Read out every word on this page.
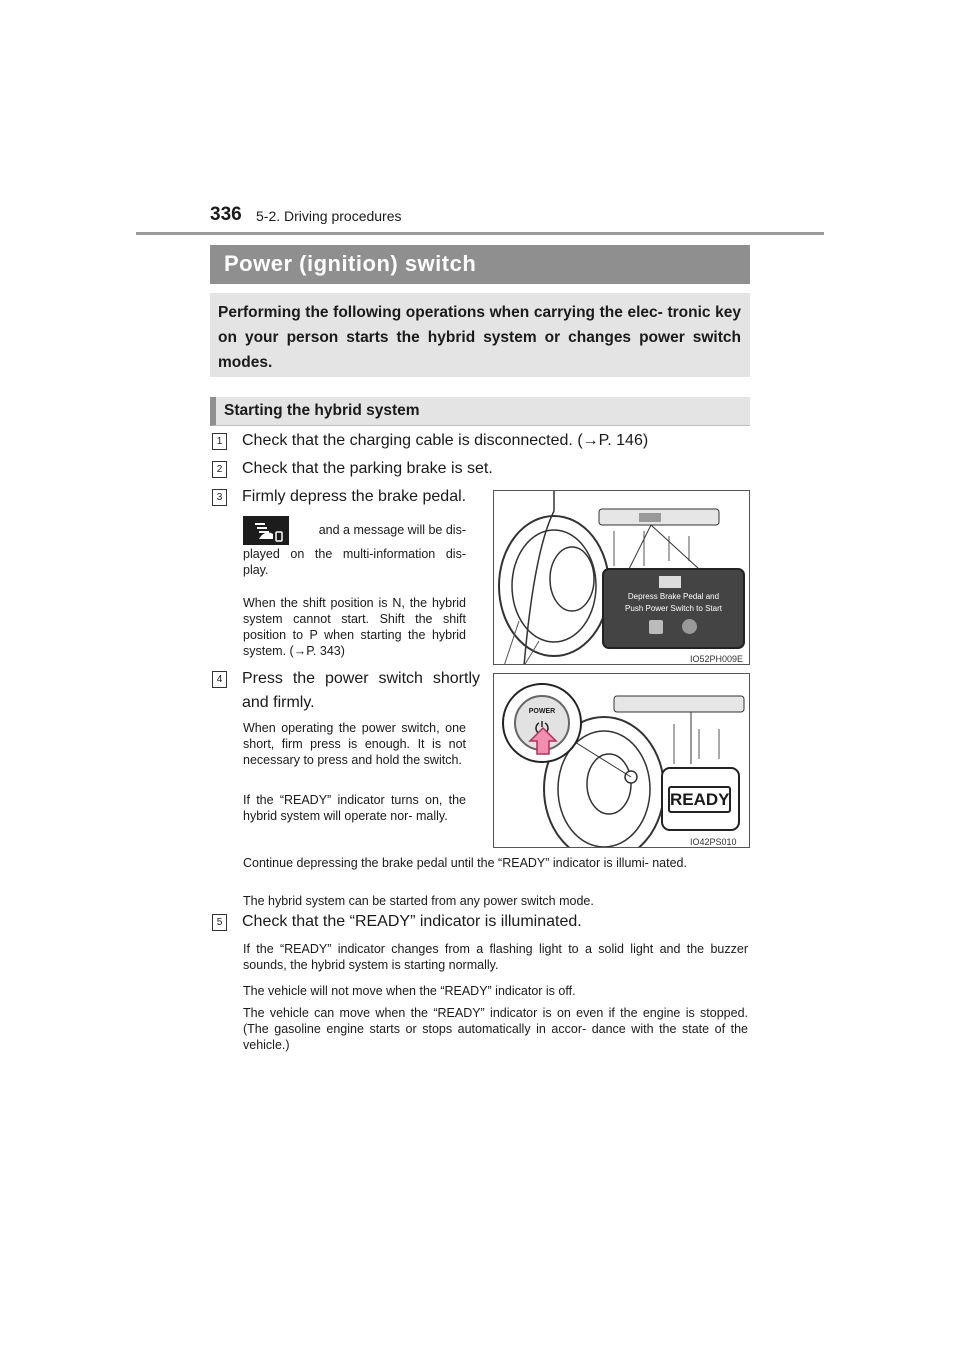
336 5-2. Driving procedures
Power (ignition) switch
Performing the following operations when carrying the elec- tronic key on your person starts the hybrid system or changes power switch modes.
Starting the hybrid system
1 Check that the charging cable is disconnected. (→P. 146)
2 Check that the parking brake is set.
3 Firmly depress the brake pedal.
and a message will be dis-
played on the multi-information dis- play.
When the shift position is N, the hybrid system cannot start. Shift the shift position to P when starting the hybrid system. (→P. 343)
Depress Brake Pedal and
Push Power Switch to Start
IO52PH009E
4 Press the power switch shortly
and firmly.
When operating the power switch, one short, firm press is enough. It is not necessary to press and hold the switch.
If the “READY” indicator turns on, the hybrid system will operate nor- mally.
Continue depressing the brake pedal until the “READY” indicator is illumi- nated.
The hybrid system can be started from any power switch mode.
POWER
READY
IO42PS010
5 Check that the “READY” indicator is illuminated.
If the “READY” indicator changes from a flashing light to a solid light and the buzzer sounds, the hybrid system is starting normally.
The vehicle will not move when the “READY” indicator is off.
The vehicle can move when the “READY” indicator is on even if the engine is stopped. (The gasoline engine starts or stops automatically in accor- dance with the state of the vehicle.)
